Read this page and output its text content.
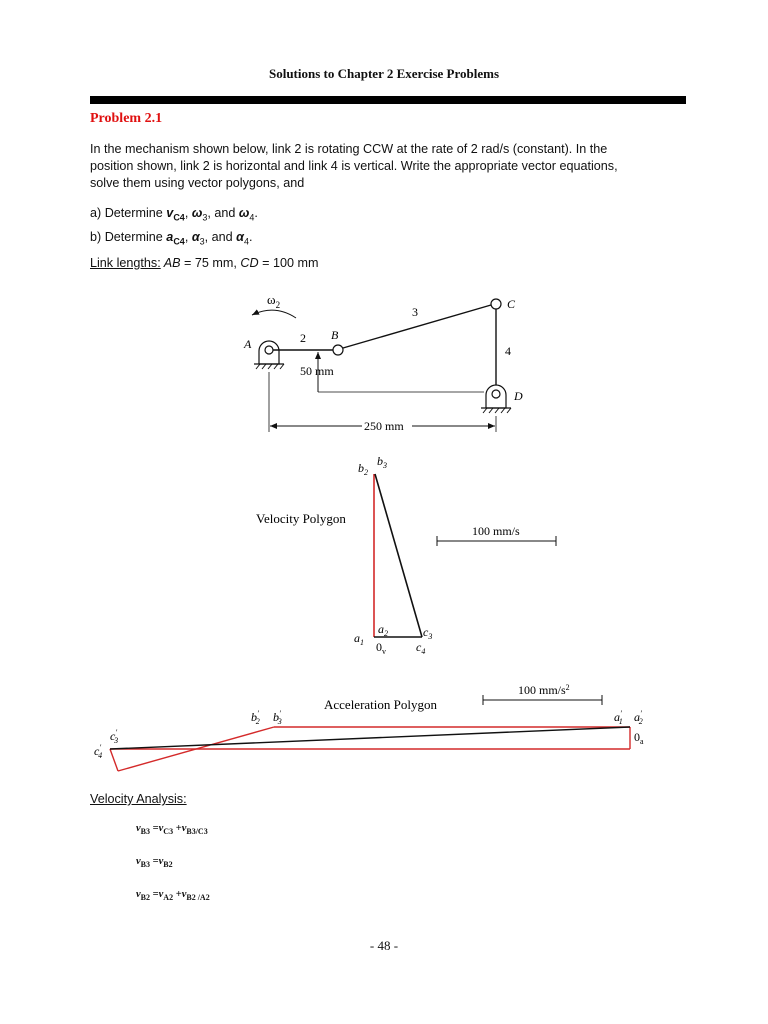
Solutions to Chapter 2 Exercise Problems
Problem 2.1
In the mechanism shown below, link 2 is rotating CCW at the rate of 2 rad/s (constant). In the
position shown, link 2 is horizontal and link 4 is vertical. Write the appropriate vector equations,
solve them using vector polygons, and
a) Determine $v_{C4}$, $\omega_3$, and $\omega_4$.
b) Determine $a_{C4}$, $\alpha_3$, and $\alpha_4$.
Link lengths: AB = 75 mm, CD = 100 mm
$\omega_2$
A	2 B
3
C
4
D
50 mm
250 mm
Velocity Polygon
$b_2$
$b_3$
$a_2$	$c_3$
$a_1$ $0_v$	$c_4$
100 mm/s
Acceleration Polygon
100 $mm/s^2$
b′ 2 b′ 3	a′ 1 a′ 2
c′ 3
c′ 4
$0_a$
Velocity Analysis:
$v_{B3} =v_{C3} +v_{B3/C3}$
$v_{B3} =v_{B2}$
$v_{B2} =v_{A2} +v_{B2 /A2}$
- 48 -
